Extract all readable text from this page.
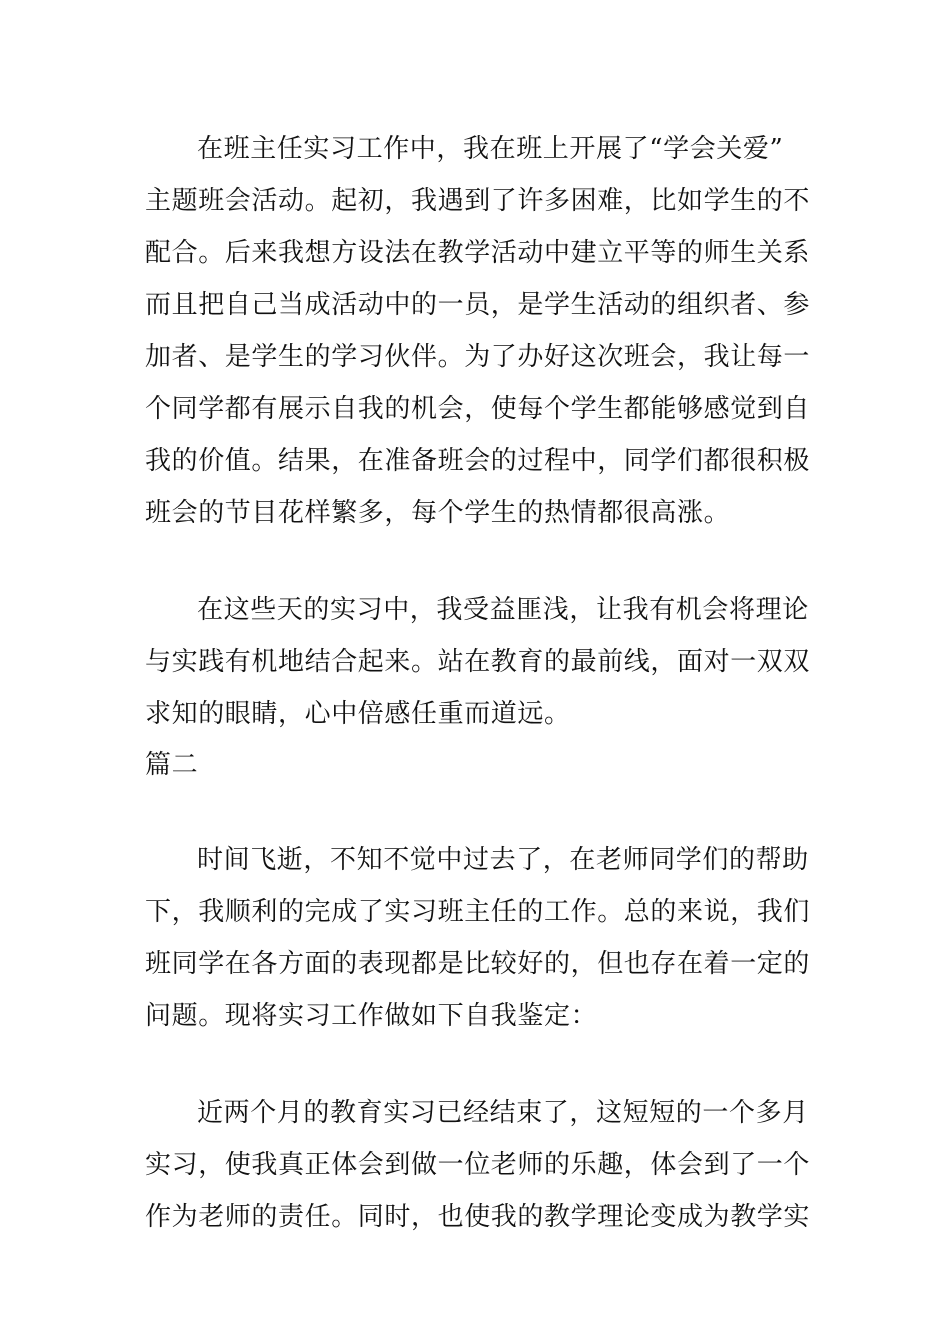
在班主任实习工作中，我在班上开展了“学会关爱”
主题班会活动。起初，我遇到了许多困难，比如学生的不
配合。后来我想方设法在教学活动中建立平等的师生关系
而且把自己当成活动中的一员，是学生活动的组织者、参
加者、是学生的学习伙伴。为了办好这次班会，我让每一
个同学都有展示自我的机会，使每个学生都能够感觉到自
我的价值。结果，在准备班会的过程中，同学们都很积极
班会的节目花样繁多，每个学生的热情都很高涨。
在这些天的实习中，我受益匪浅，让我有机会将理论
与实践有机地结合起来。站在教育的最前线，面对一双双
求知的眼睛，心中倍感任重而道远。
篇二
时间飞逝，不知不觉中过去了，在老师同学们的帮助
下，我顺利的完成了实习班主任的工作。总的来说，我们
班同学在各方面的表现都是比较好的，但也存在着一定的
问题。现将实习工作做如下自我鉴定：
近两个月的教育实习已经结束了，这短短的一个多月
实习，使我真正体会到做一位老师的乐趣，体会到了一个
作为老师的责任。同时，也使我的教学理论变成为教学实
